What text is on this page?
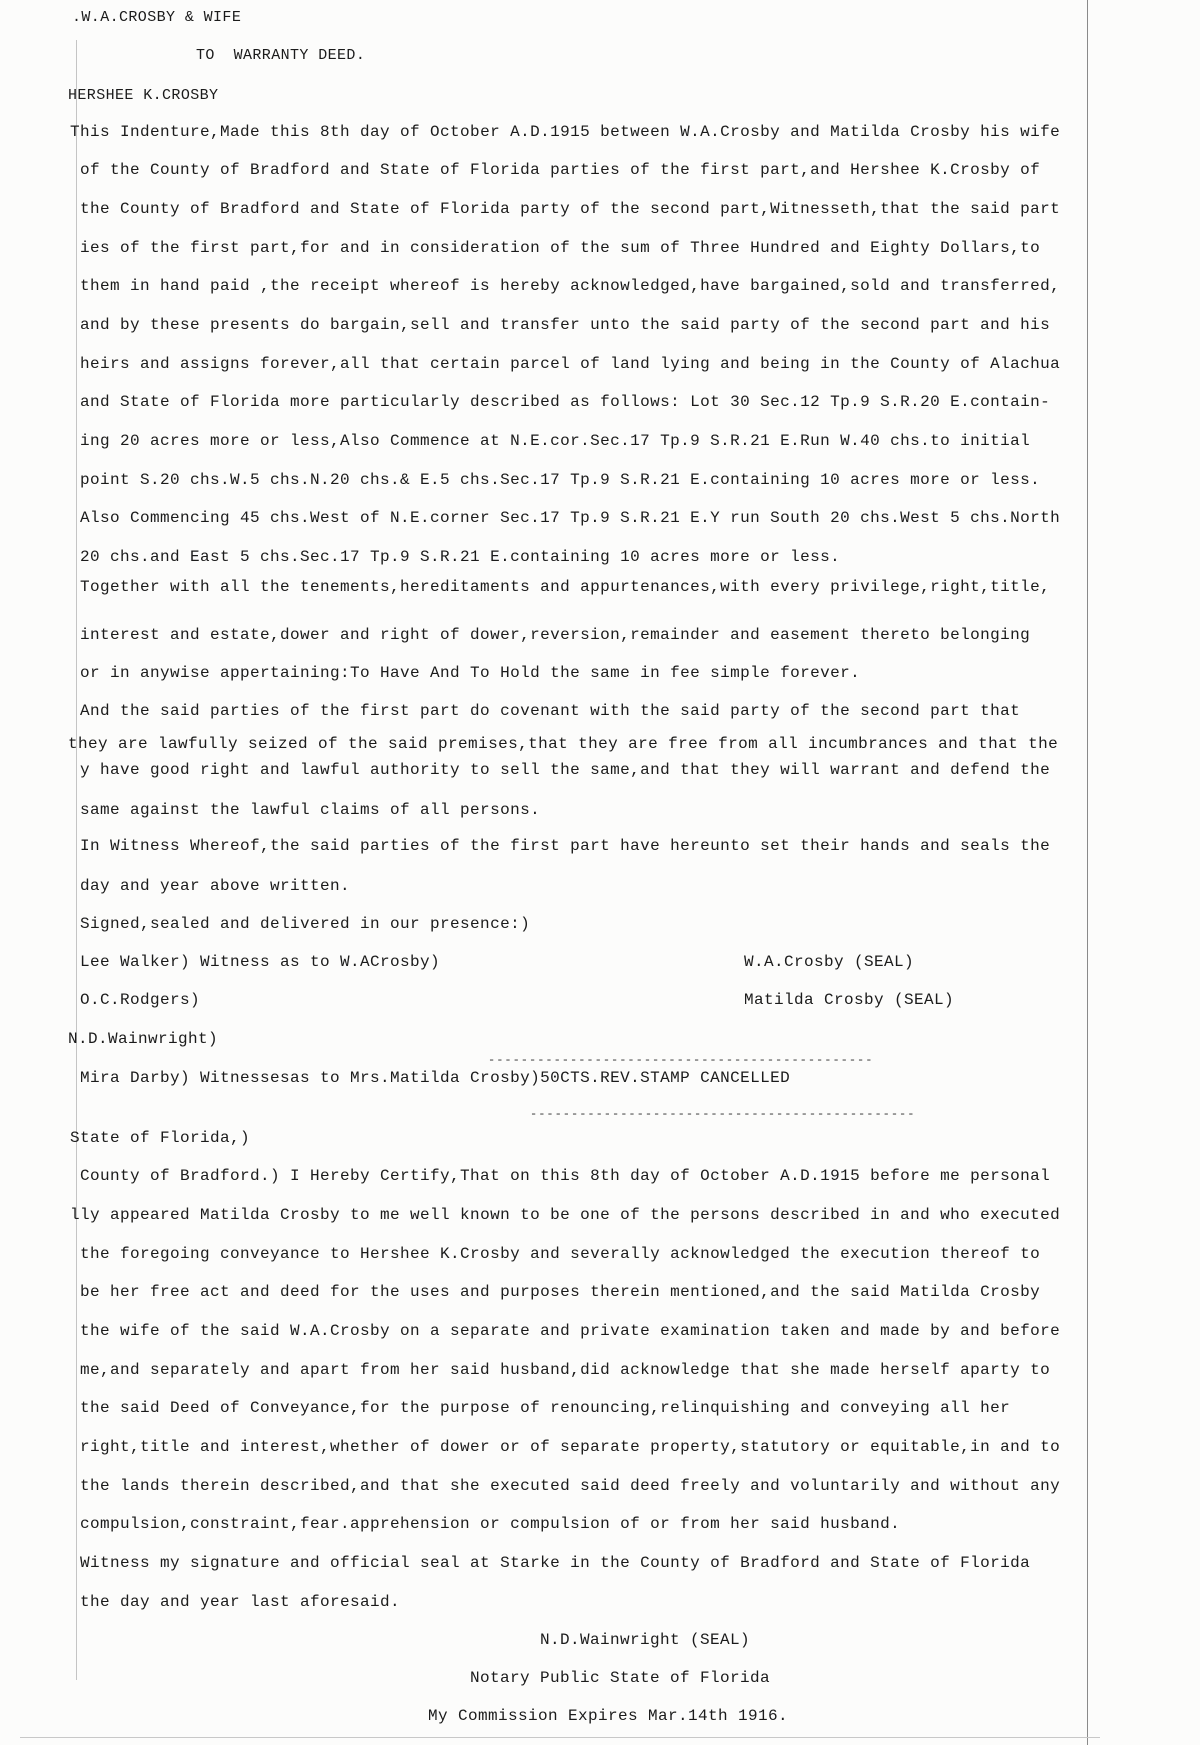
.W.A.CROSBY & WIFE
TO  WARRANTY DEED.
HERSHEE K.CROSBY
This Indenture,Made this 8th day of October A.D.1915 between W.A.Crosby and Matilda Crosby his wife
of the County of Bradford and State of Florida parties of the first part,and Hershee K.Crosby of
the County of Bradford and State of Florida party of the second part,Witnesseth,that the said part
ies of the first part,for and in consideration of the sum of Three Hundred and Eighty Dollars,to
them in hand paid ,the receipt whereof is hereby acknowledged,have bargained,sold and transferred,
and by these presents do bargain,sell and transfer unto the said party of the second part and his
heirs and assigns forever,all that certain parcel of land lying and being in the County of Alachua
and State of Florida more particularly described as follows: Lot 30 Sec.12 Tp.9 S.R.20 E.contain-
ing 20 acres more or less,Also Commence at N.E.cor.Sec.17 Tp.9 S.R.21 E.Run W.40 chs.to initial
point S.20 chs.W.5 chs.N.20 chs.& E.5 chs.Sec.17 Tp.9 S.R.21 E.containing 10 acres more or less.
Also Commencing 45 chs.West of N.E.corner Sec.17 Tp.9 S.R.21 E.Y run South 20 chs.West 5 chs.North
20 chs.and East 5 chs.Sec.17 Tp.9 S.R.21 E.containing 10 acres more or less.
Together with all the tenements,hereditaments and appurtenances,with every privilege,right,title,
interest and estate,dower and right of dower,reversion,remainder and easement thereto belonging
or in anywise appertaining:To Have And To Hold the same in fee simple forever.
And the said parties of the first part do covenant with the said party of the second part that
they are lawfully seized of the said premises,that they are free from all incumbrances and that the
y have good right and lawful authority to sell the same,and that they will warrant and defend the
same against the lawful claims of all persons.
In Witness Whereof,the said parties of the first part have hereunto set their hands and seals the
day and year above written.
Signed,sealed and delivered in our presence:)
Lee Walker) Witness as to W.ACrosby)	W.A.Crosby (SEAL)
O.C.Rodgers)	Matilda Crosby (SEAL)
N.D.Wainwright)
-----------------------------------------------
Mira Darby) Witnessesas to Mrs.Matilda Crosby)50CTS.REV.STAMP CANCELLED
-----------------------------------------------
State of Florida,)
County of Bradford.) I Hereby Certify,That on this 8th day of October A.D.1915 before me personal
lly appeared Matilda Crosby to me well known to be one of the persons described in and who executed
the foregoing conveyance to Hershee K.Crosby and severally acknowledged the execution thereof to
be her free act and deed for the uses and purposes therein mentioned,and the said Matilda Crosby
the wife of the said W.A.Crosby on a separate and private examination taken and made by and before
me,and separately and apart from her said husband,did acknowledge that she made herself aparty to
the said Deed of Conveyance,for the purpose of renouncing,relinquishing and conveying all her
right,title and interest,whether of dower or of separate property,statutory or equitable,in and to
the lands therein described,and that she executed said deed freely and voluntarily and without any
compulsion,constraint,fear.apprehension or compulsion of or from her said husband.
Witness my signature and official seal at Starke in the County of Bradford and State of Florida
the day and year last aforesaid.
N.D.Wainwright (SEAL)
Notary Public State of Florida
My Commission Expires Mar.14th 1916.
